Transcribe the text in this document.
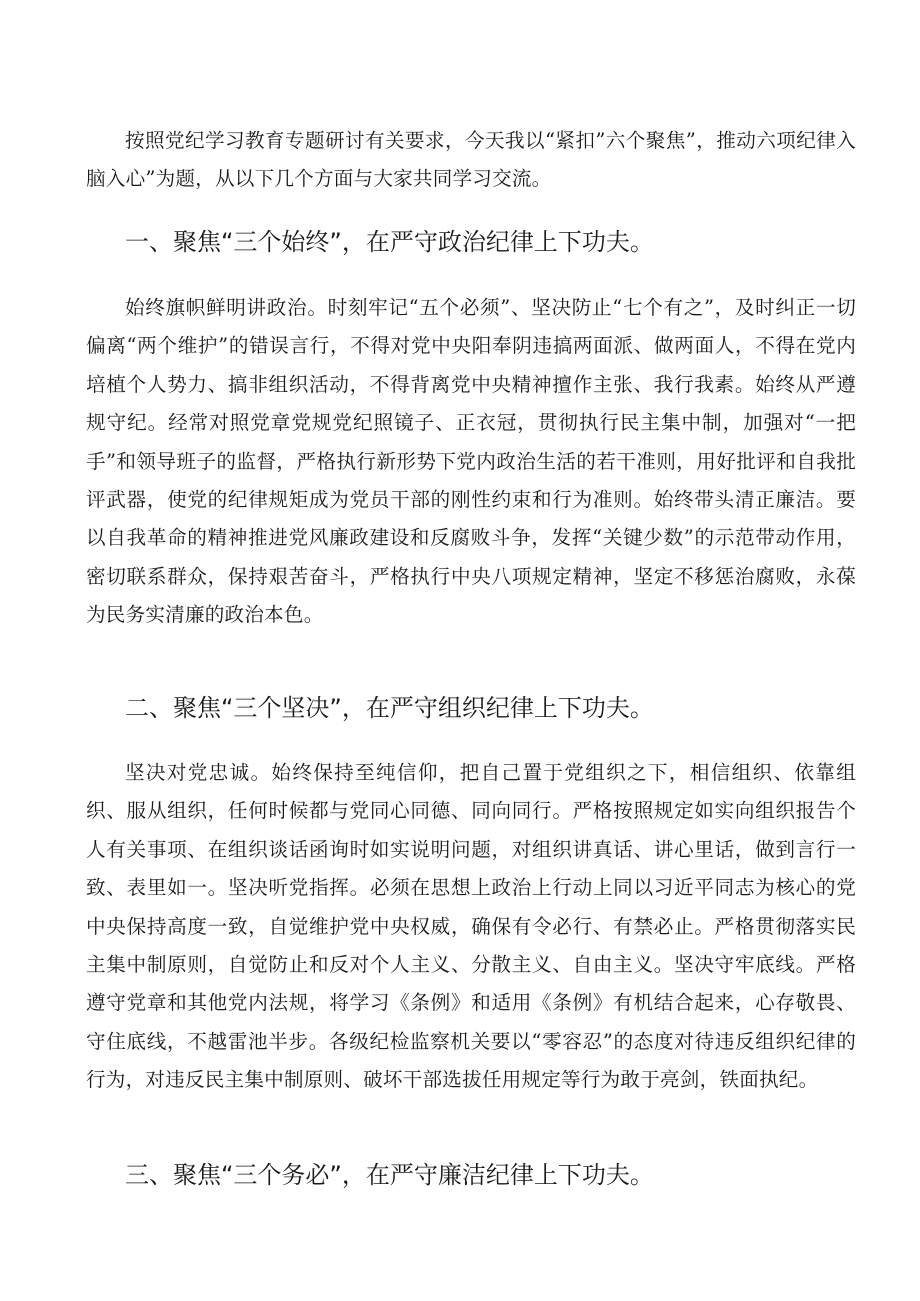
按照党纪学习教育专题研讨有关要求，今天我以“紧扣”六个聚焦”，推动六项纪律入脑入心”为题，从以下几个方面与大家共同学习交流。

一、聚焦“三个始终”，在严守政治纪律上下功夫。

始终旗帜鲜明讲政治。时刻牢记“五个必须”、坚决防止“七个有之”，及时纠正一切偏离“两个维护”的错误言行，不得对党中央阳奉阴违搞两面派、做两面人，不得在党内培植个人势力、搞非组织活动，不得背离党中央精神擅作主张、我行我素。始终从严遵规守纪。经常对照党章党规党纪照镜子、正衣冠，贯彻执行民主集中制，加强对“一把手”和领导班子的监督，严格执行新形势下党内政治生活的若干准则，用好批评和自我批评武器，使党的纪律规矩成为党员干部的刚性约束和行为准则。始终带头清正廉洁。要以自我革命的精神推进党风廉政建设和反腐败斗争，发挥“关键少数”的示范带动作用，密切联系群众，保持艰苦奋斗，严格执行中央八项规定精神，坚定不移惩治腐败，永葆为民务实清廉的政治本色。

二、聚焦“三个坚决”，在严守组织纪律上下功夫。

坚决对党忠诚。始终保持至纯信仰，把自己置于党组织之下，相信组织、依靠组织、服从组织，任何时候都与党同心同德、同向同行。严格按照规定如实向组织报告个人有关事项、在组织谈话函询时如实说明问题，对组织讲真话、讲心里话，做到言行一致、表里如一。坚决听党指挥。必须在思想上政治上行动上同以习近平同志为核心的党中央保持高度一致，自觉维护党中央权威，确保有令必行、有禁必止。严格贯彻落实民主集中制原则，自觉防止和反对个人主义、分散主义、自由主义。坚决守牢底线。严格遵守党章和其他党内法规，将学习《条例》和适用《条例》有机结合起来，心存敬畏、守住底线，不越雷池半步。各级纪检监察机关要以“零容忍”的态度对待违反组织纪律的行为，对违反民主集中制原则、破坏干部选拔任用规定等行为敢于亮剑，铁面执纪。

三、聚焦“三个务必”，在严守廉洁纪律上下功夫。
